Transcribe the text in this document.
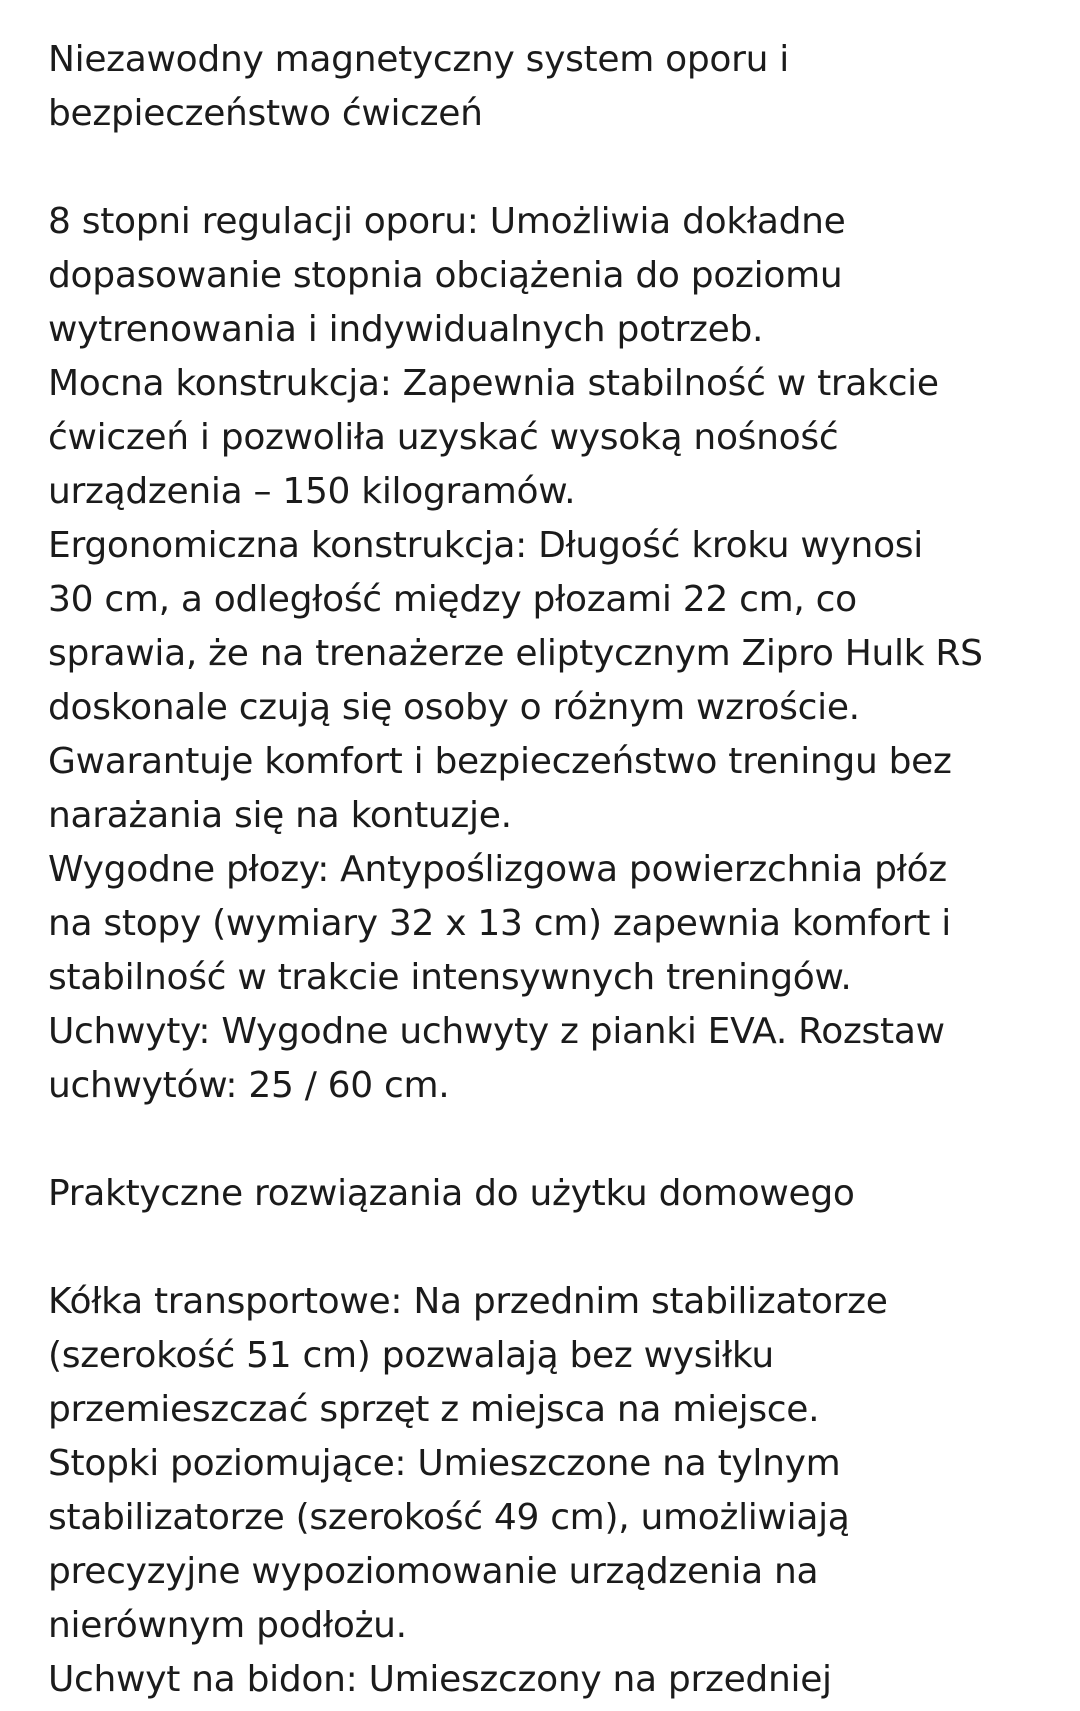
Niezawodny magnetyczny system oporu i
bezpieczeństwo ćwiczeń
8 stopni regulacji oporu: Umożliwia dokładne
dopasowanie stopnia obciążenia do poziomu
wytrenowania i indywidualnych potrzeb.
Mocna konstrukcja: Zapewnia stabilność w trakcie
ćwiczeń i pozwoliła uzyskać wysoką nośność
urządzenia – 150 kilogramów.
Ergonomiczna konstrukcja: Długość kroku wynosi
30 cm, a odległość między płozami 22 cm, co
sprawia, że na trenażerze eliptycznym Zipro Hulk RS
doskonale czują się osoby o różnym wzroście.
Gwarantuje komfort i bezpieczeństwo treningu bez
narażania się na kontuzje.
Wygodne płozy: Antypoślizgowa powierzchnia płóz
na stopy (wymiary 32 x 13 cm) zapewnia komfort i
stabilność w trakcie intensywnych treningów.
Uchwyty: Wygodne uchwyty z pianki EVA. Rozstaw
uchwytów: 25 / 60 cm.
Praktyczne rozwiązania do użytku domowego
Kółka transportowe: Na przednim stabilizatorze
(szerokość 51 cm) pozwalają bez wysiłku
przemieszczać sprzęt z miejsca na miejsce.
Stopki poziomujące: Umieszczone na tylnym
stabilizatorze (szerokość 49 cm), umożliwiają
precyzyjne wypoziomowanie urządzenia na
nierównym podłożu.
Uchwyt na bidon: Umieszczony na przedniej
